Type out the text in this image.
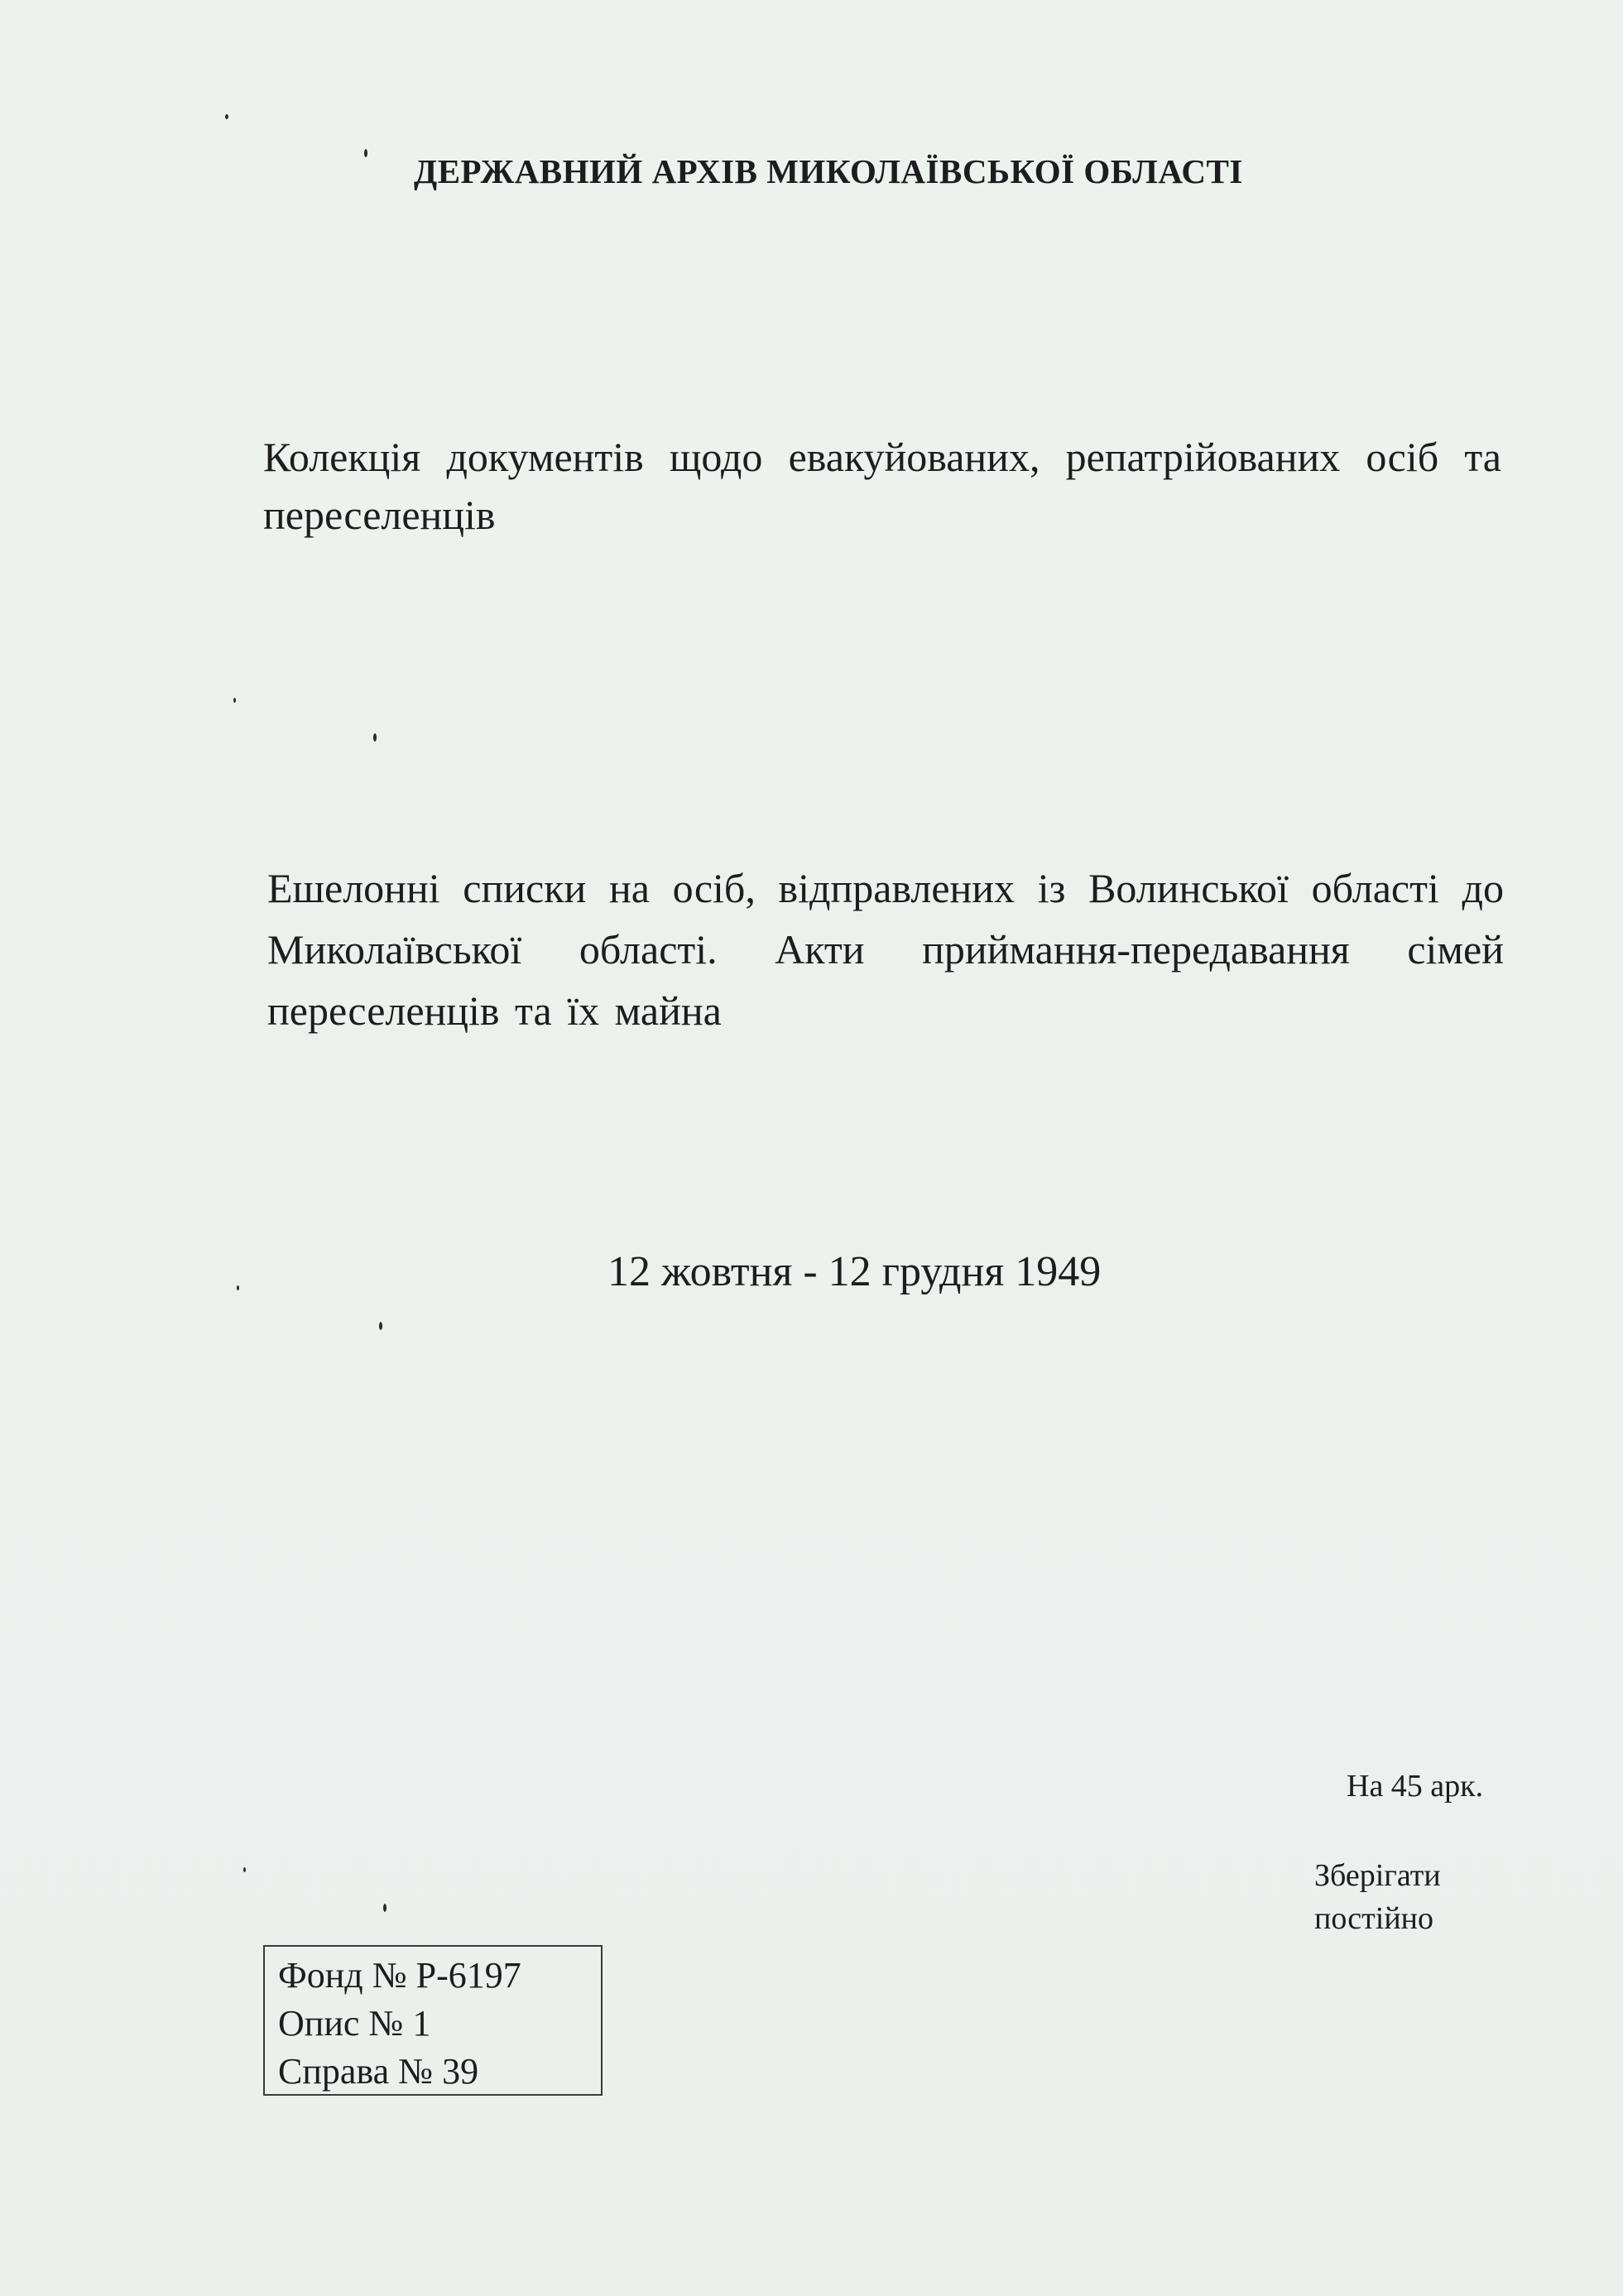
ДЕРЖАВНИЙ АРХІВ МИКОЛАЇВСЬКОЇ ОБЛАСТІ
Колекція документів щодо евакуйованих, репатрійованих осіб та переселенців
Ешелонні списки на осіб, відправлених із Волинської області до Миколаївської області. Акти приймання-передавання сімей переселенців та їх майна
12 жовтня - 12 грудня 1949
На 45 арк.
Зберігати
постійно
Фонд № Р-6197
Опис № 1
Справа № 39
